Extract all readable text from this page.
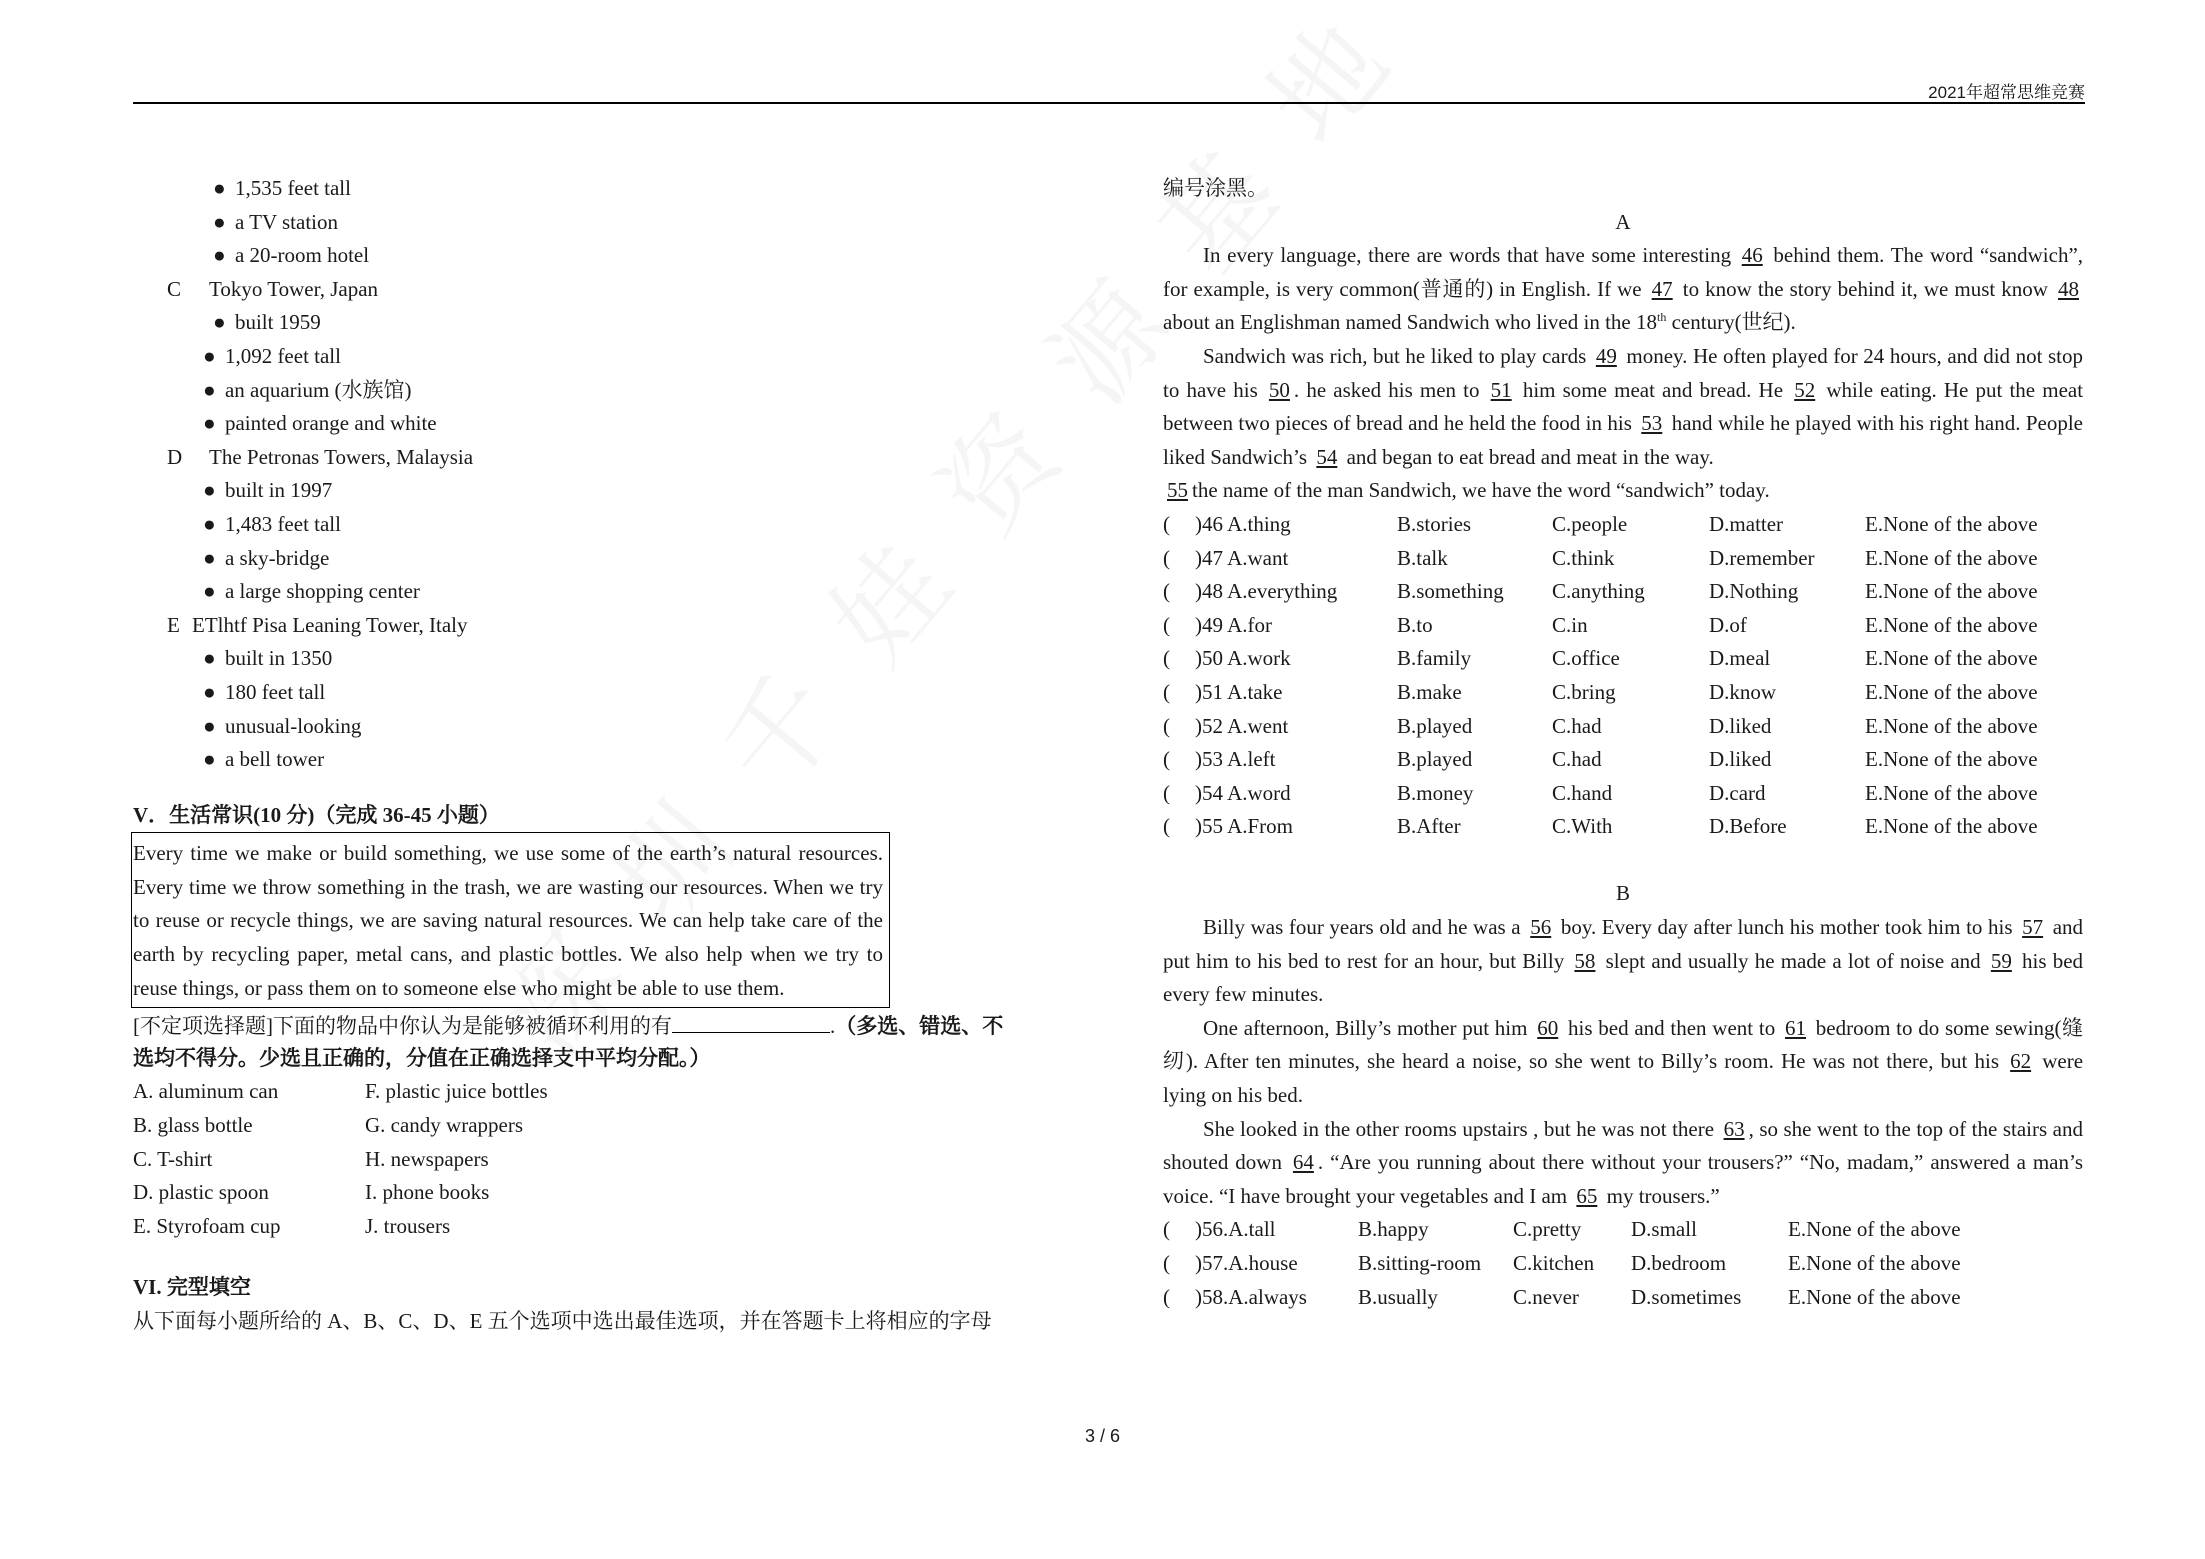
2021年超常思维竞赛
● 1,535 feet tall
● a TV station
● a 20-room hotel
C Tokyo Tower, Japan
● built 1959
● 1,092 feet tall
● an aquarium (水族馆)
● painted orange and white
D The Petronas Towers, Malaysia
● built in 1997
● 1,483 feet tall
● a sky-bridge
● a large shopping center
E ETlhtf Pisa Leaning Tower, Italy
● built in 1350
● 180 feet tall
● unusual-looking
● a bell tower
V．生活常识(10 分)（完成 36-45 小题）

Every time we make or build something, we use some of the earth’s natural resources. Every time we throw something in the trash, we are wasting our resources. When we try to reuse or recycle things, we are saving natural resources. We can help take care of the earth by recycling paper, metal cans, and plastic bottles. We also help when we try to reuse things, or pass them on to someone else who might be able to use them.

[不定项选择题]下面的物品中你认为是能够被循环利用的有	.（多选、错选、不
选均不得分。少选且正确的，分值在正确选择支中平均分配。）
A. aluminum can	F. plastic juice bottles
B. glass bottle	G. candy wrappers
C. T-shirt	H. newspapers
D. plastic spoon	I. phone books
E. Styrofoam cup	J. trousers
VI. 完型填空
从下面每小题所给的 A、B、C、D、E 五个选项中选出最佳选项，并在答题卡上将相应的字母
编号涂黑。
A

In every language, there are words that have some interesting 46 behind them. The word “sandwich”, for example, is very common(普通的) in English. If we 47 to know the story behind it, we must know 48 about an Englishman named Sandwich who lived in the 18th century(世纪).

Sandwich was rich, but he liked to play cards 49 money. He often played for 24 hours, and did not stop to have his 50 . he asked his men to 51 him some meat and bread. He 52 while eating. He put the meat between two pieces of bread and he held the food in his 53 hand while he played with his right hand. People liked Sandwich’s 54 and began to eat bread and meat in the way.

55 the name of the man Sandwich, we have the word “sandwich” today.

(	)46 A.thing	B.stories	C.people	D.matter	E.None of the above
(	)47 A.want	B.talk	C.think	D.remember	E.None of the above
(	)48 A.everything	B.something	C.anything	D.Nothing	E.None of the above
(	)49 A.for	B.to	C.in	D.of	E.None of the above
(	)50 A.work	B.family	C.office	D.meal	E.None of the above
(	)51 A.take	B.make	C.bring	D.know	E.None of the above
(	)52 A.went	B.played	C.had	D.liked	E.None of the above
(	)53 A.left	B.played	C.had	D.liked	E.None of the above
(	)54 A.word	B.money	C.hand	D.card	E.None of the above
(	)55 A.From	B.After	C.With	D.Before	E.None of the above
B

Billy was four years old and he was a 56 boy. Every day after lunch his mother took him to his 57 and put him to his bed to rest for an hour, but Billy 58 slept and usually he made a lot of noise and 59 his bed every few minutes.

One afternoon, Billy’s mother put him 60 his bed and then went to 61 bedroom to do some sewing(缝纫). After ten minutes, she heard a noise, so she went to Billy’s room. He was not there, but his 62 were lying on his bed.

She looked in the other rooms upstairs , but he was not there 63 , so she went to the top of the stairs and shouted down 64 . “Are you running about there without your trousers?” “No, madam,” answered a man’s voice. “I have brought your vegetables and I am 65 my trousers.”

(	)56.A.tall	B.happy	C.pretty	D.small	E.None of the above
(	)57.A.house	B.sitting-room	C.kitchen	D.bedroom	E.None of the above
(	)58.A.always	B.usually	C.never	D.sometimes	E.None of the above
3 / 6
